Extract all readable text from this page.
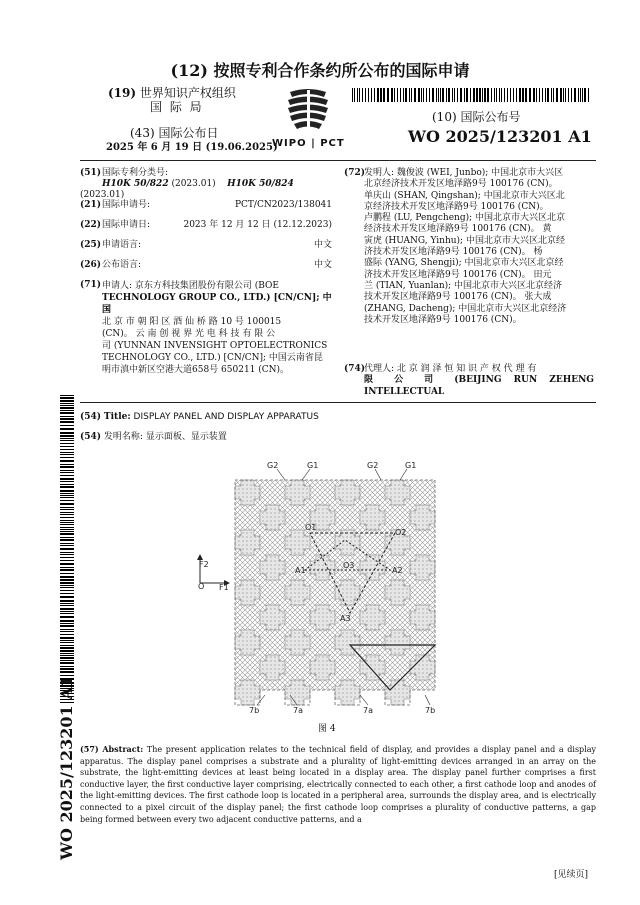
(12) 按照专利合作条约所公布的国际申请
(19) 世界知识产权组织
国 际 局
(43) 国际公布日
2025 年 6 月 19 日 (19.06.2025)
WIPO | PCT
(10) 国际公布号
WO 2025/123201 A1
(51)国际专利分类号:
H10K 50/822 (2023.01) H10K 50/824 (2023.01)
(21)国际申请号:	PCT/CN2023/138041
(22)国际申请日:	2023 年 12 月 12 日 (12.12.2023)
(25)申请语言:	中文
(26)公布语言:	中文
(71) 申请人: 京东方科技集团股份有限公司 (BOE
TECHNOLOGY GROUP CO., LTD.) [CN/CN]; 中 国
北 京 市 朝 阳 区 酒 仙 桥 路 10 号 100015
(CN)。 云 南 创 视 界 光 电 科 技 有 限 公
司 (YUNNAN INVENSIGHT OPTOELECTRONICS
TECHNOLOGY CO., LTD.) [CN/CN]; 中国云南省昆
明市滇中新区空港大道658号 650211 (CN)。
(72)
发明人: 魏俊波 (WEI, Junbo); 中国北京市大兴区
北京经济技术开发区地泽路9号 100176 (CN)。
单庆山 (SHAN, Qingshan); 中国北京市大兴区北
京经济技术开发区地泽路9号 100176 (CN)。
卢鹏程 (LU, Pengcheng); 中国北京市大兴区北京
经济技术开发区地泽路9号 100176 (CN)。 黄
寅虎 (HUANG, Yinhu); 中国北京市大兴区北京经
济技术开发区地泽路9号 100176 (CN)。 杨
盛际 (YANG, Shengji); 中国北京市大兴区北京经
济技术开发区地泽路9号 100176 (CN)。 田元
兰 (TIAN, Yuanlan); 中国北京市大兴区北京经济
技术开发区地泽路9号 100176 (CN)。 张大成
(ZHANG, Dacheng); 中国北京市大兴区北京经济
技术开发区地泽路9号 100176 (CN)。
(74)
代理人: 北 京 润 泽 恒 知 识 产 权 代 理 有
限 公 司 (BEIJING RUN ZEHENG INTELLECTUAL
WO 2025/123201 A1
(54) Title: DISPLAY PANEL AND DISPLAY APPARATUS
(54) 发明名称: 显示面板、显示装置
G2	G1	G2	G1
O1
O2
O3
A1	A2
A3
F2
O F1
7b	7a	7a	7b
图 4
(57) Abstract: The present application relates to the technical field of display, and provides a display panel and a display apparatus. The display panel comprises a substrate and a plurality of light-emitting devices arranged in an array on the substrate, the light-emitting devices at least being located in a display area. The display panel further comprises a first conductive layer, the first conductive layer comprising, electrically connected to each other, a first cathode loop and anodes of the light-emitting devices. The first cathode loop is located in a peripheral area, surrounds the display area, and is electrically connected to a pixel circuit of the display panel; the first cathode loop comprises a plurality of conductive patterns, a gap being formed between every two adjacent conductive patterns, and a
[见续页]
